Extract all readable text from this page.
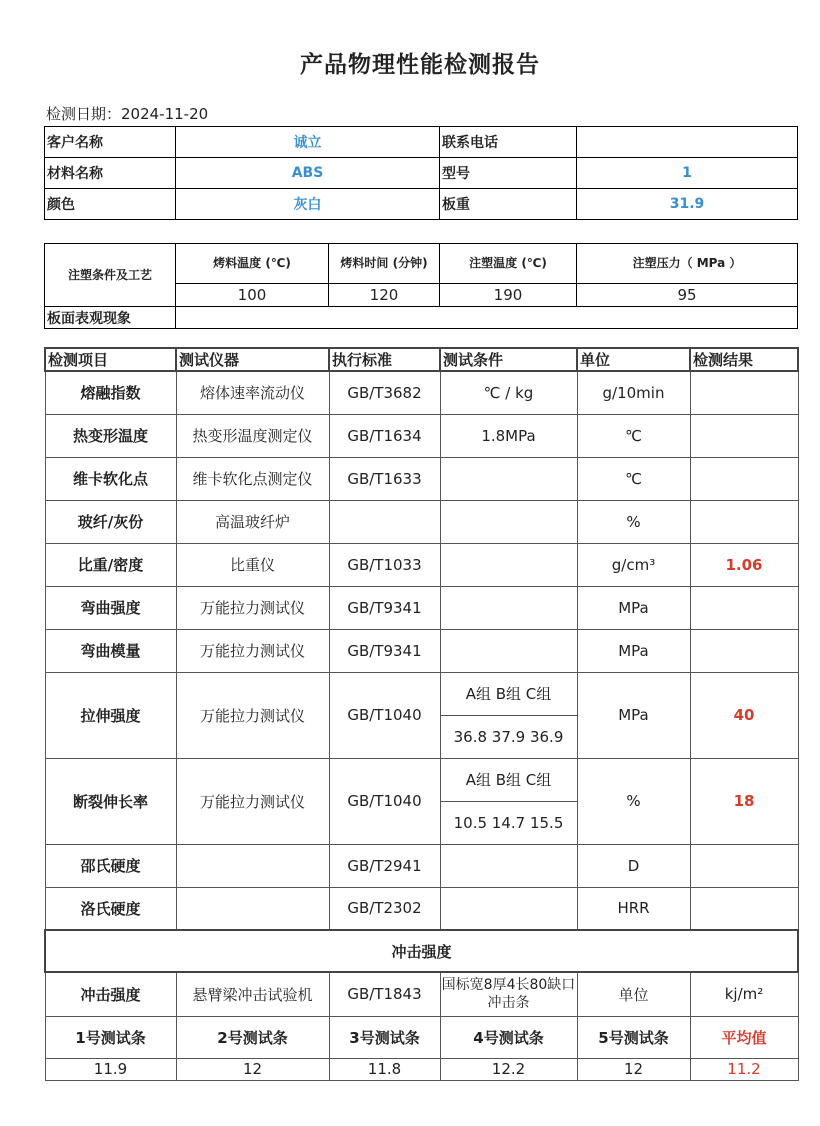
产品物理性能检测报告
检测日期：2024-11-20
客户名称	诚立	联系电话	
材料名称	ABS	型号	1
颜色	灰白	板重	31.9
注塑条件及工艺	烤料温度 (℃)	烤料时间 (分钟)	注塑温度 (℃)	注塑压力（ MPa ）
	100	120	190	95
板面表观现象				
检测项目	测试仪器	执行标准	测试条件	单位	检测结果
熔融指数	熔体速率流动仪	GB/T3682	℃ / kg	g/10min	
热变形温度	热变形温度测定仪	GB/T1634	1.8MPa	℃	
维卡软化点	维卡软化点测定仪	GB/T1633		℃	
玻纤/灰份	高温玻纤炉			%	
比重/密度	比重仪	GB/T1033		g/cm³	1.06
弯曲强度	万能拉力测试仪	GB/T9341		MPa	
弯曲模量	万能拉力测试仪	GB/T9341		MPa	
拉伸强度	万能拉力测试仪	GB/T1040	A组 B组 C组	MPa	40
			36.8 37.9 36.9		
断裂伸长率	万能拉力测试仪	GB/T1040	A组 B组 C组	%	18
			10.5 14.7 15.5		
邵氏硬度		GB/T2941		D	
洛氏硬度		GB/T2302		HRR	
冲击强度					
冲击强度	悬臂梁冲击试验机	GB/T1843	国标宽8厚4长80缺口冲击条	单位	kj/m²
1号测试条	2号测试条	3号测试条	4号测试条	5号测试条	平均值
11.9	12	11.8	12.2	12	11.2
